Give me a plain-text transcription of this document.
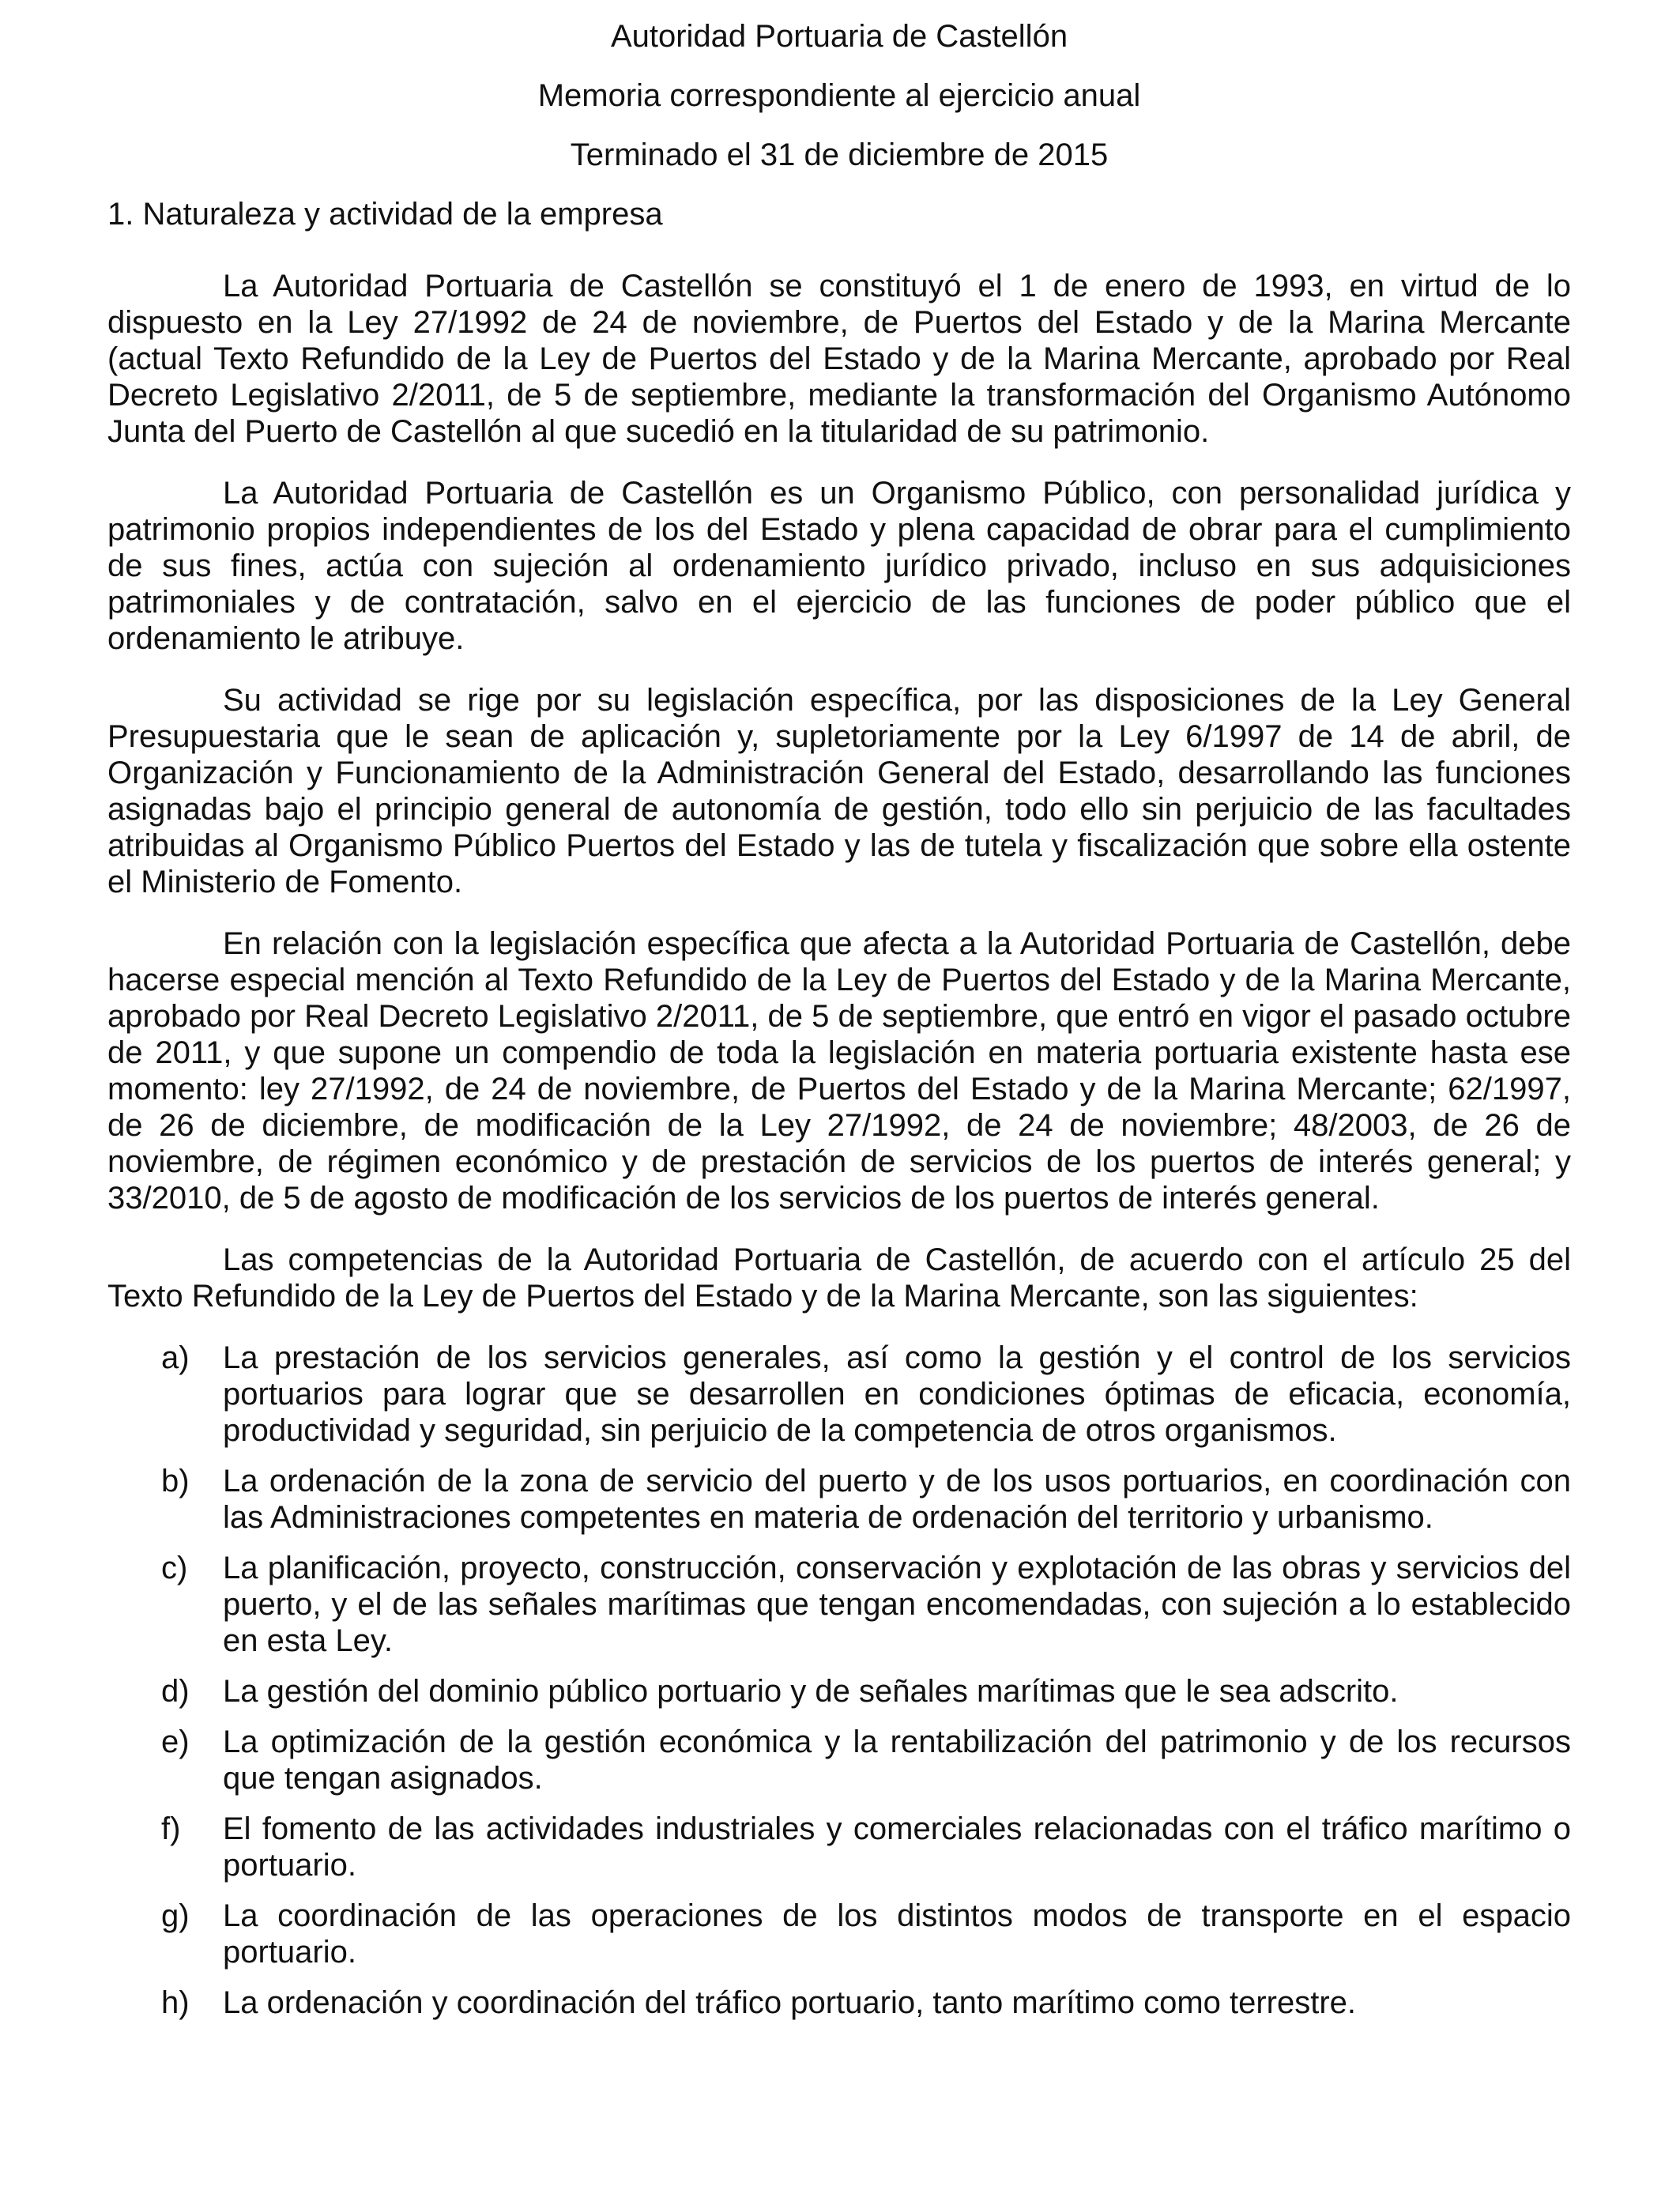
Autoridad Portuaria de Castellón
Memoria correspondiente al ejercicio anual
Terminado el 31 de diciembre de 2015
1. Naturaleza y actividad de la empresa

La Autoridad Portuaria de Castellón se constituyó el 1 de enero de 1993, en virtud de lo dispuesto en la Ley 27/1992 de 24 de noviembre, de Puertos del Estado y de la Marina Mercante (actual Texto Refundido de la Ley de Puertos del Estado y de la Marina Mercante, aprobado por Real Decreto Legislativo 2/2011, de 5 de septiembre, mediante la transformación del Organismo Autónomo Junta del Puerto de Castellón al que sucedió en la titularidad de su patrimonio.

La Autoridad Portuaria de Castellón es un Organismo Público, con personalidad jurídica y patrimonio propios independientes de los del Estado y plena capacidad de obrar para el cumplimiento de sus fines, actúa con sujeción al ordenamiento jurídico privado, incluso en sus adquisiciones patrimoniales y de contratación, salvo en el ejercicio de las funciones de poder público que el ordenamiento le atribuye.

Su actividad se rige por su legislación específica, por las disposiciones de la Ley General Presupuestaria que le sean de aplicación y, supletoriamente por la Ley 6/1997 de 14 de abril, de Organización y Funcionamiento de la Administración General del Estado, desarrollando las funciones asignadas bajo el principio general de autonomía de gestión, todo ello sin perjuicio de las facultades atribuidas al Organismo Público Puertos del Estado y las de tutela y fiscalización que sobre ella ostente el Ministerio de Fomento.

En relación con la legislación específica que afecta a la Autoridad Portuaria de Castellón, debe hacerse especial mención al Texto Refundido de la Ley de Puertos del Estado y de la Marina Mercante, aprobado por Real Decreto Legislativo 2/2011, de 5 de septiembre, que entró en vigor el pasado octubre de 2011, y que supone un compendio de toda la legislación en materia portuaria existente hasta ese momento: ley 27/1992, de 24 de noviembre, de Puertos del Estado y de la Marina Mercante; 62/1997, de 26 de diciembre, de modificación de la Ley 27/1992, de 24 de noviembre; 48/2003, de 26 de noviembre, de régimen económico y de prestación de servicios de los puertos de interés general; y 33/2010, de 5 de agosto de modificación de los servicios de los puertos de interés general.

Las competencias de la Autoridad Portuaria de Castellón, de acuerdo con el artículo 25 del Texto Refundido de la Ley de Puertos del Estado y de la Marina Mercante, son las siguientes:

a)	La prestación de los servicios generales, así como la gestión y el control de los servicios portuarios para lograr que se desarrollen en condiciones óptimas de eficacia, economía, productividad y seguridad, sin perjuicio de la competencia de otros organismos.
b)	La ordenación de la zona de servicio del puerto y de los usos portuarios, en coordinación con las Administraciones competentes en materia de ordenación del territorio y urbanismo.
c)	La planificación, proyecto, construcción, conservación y explotación de las obras y servicios del puerto, y el de las señales marítimas que tengan encomendadas, con sujeción a lo establecido en esta Ley.
d)	La gestión del dominio público portuario y de señales marítimas que le sea adscrito.
e)	La optimización de la gestión económica y la rentabilización del patrimonio y de los recursos que tengan asignados.
f)	El fomento de las actividades industriales y comerciales relacionadas con el tráfico marítimo o portuario.
g)	La coordinación de las operaciones de los distintos modos de transporte en el espacio portuario.
h)	La ordenación y coordinación del tráfico portuario, tanto marítimo como terrestre.
